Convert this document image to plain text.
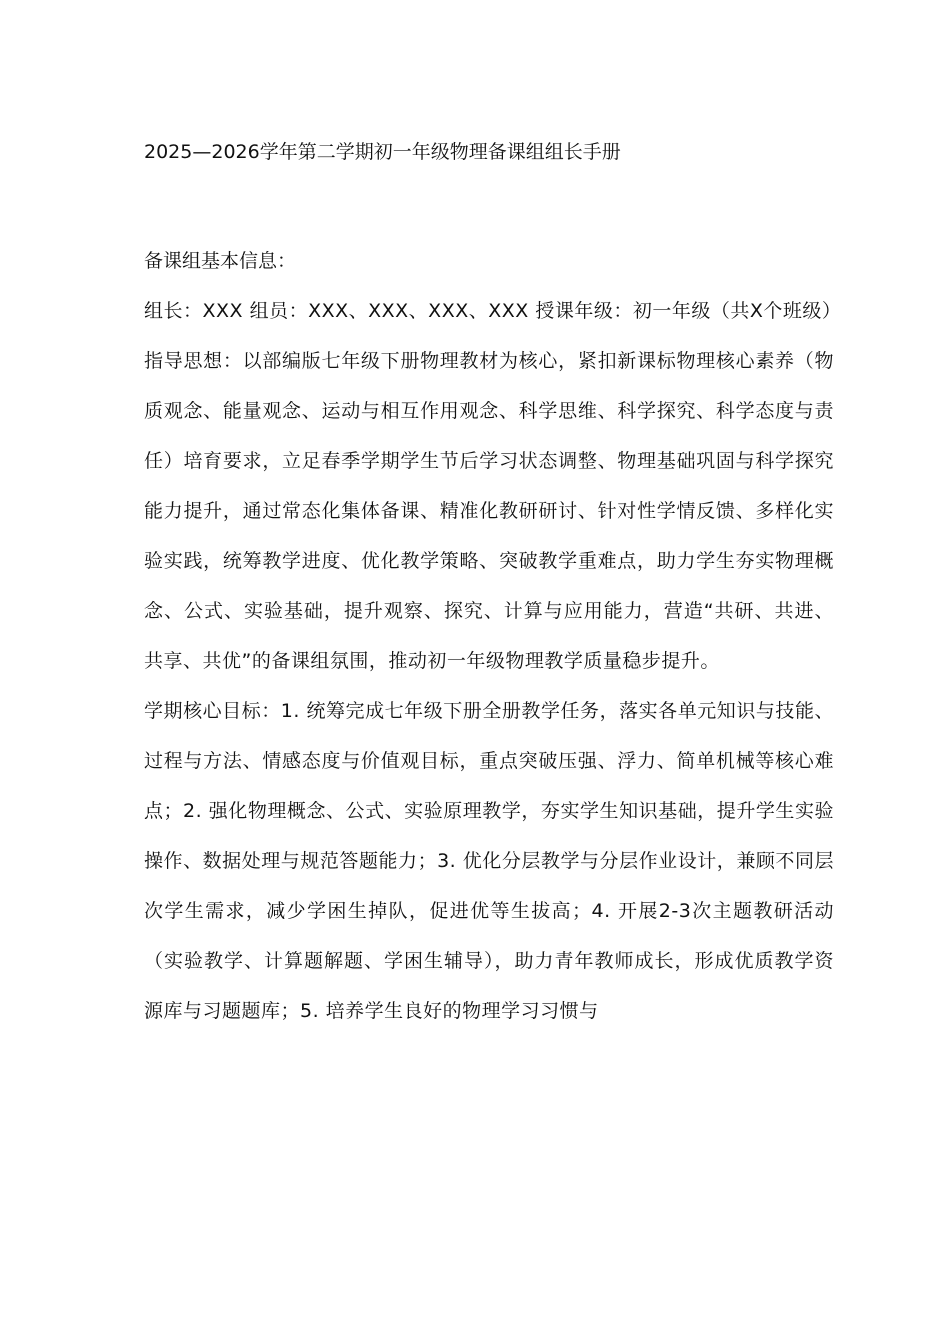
2025—2026学年第二学期初一年级物理备课组组长手册

备课组基本信息：

组长：XXX 组员：XXX、XXX、XXX、XXX 授课年级：初一年级（共X个班级）

指导思想：以部编版七年级下册物理教材为核心，紧扣新课标物理核心素养（物质观念、能量观念、运动与相互作用观念、科学思维、科学探究、科学态度与责任）培育要求，立足春季学期学生节后学习状态调整、物理基础巩固与科学探究能力提升，通过常态化集体备课、精准化教研研讨、针对性学情反馈、多样化实验实践，统筹教学进度、优化教学策略、突破教学重难点，助力学生夯实物理概念、公式、实验基础，提升观察、探究、计算与应用能力，营造“共研、共进、共享、共优”的备课组氛围，推动初一年级物理教学质量稳步提升。

学期核心目标：1. 统筹完成七年级下册全册教学任务，落实各单元知识与技能、过程与方法、情感态度与价值观目标，重点突破压强、浮力、简单机械等核心难点；2. 强化物理概念、公式、实验原理教学，夯实学生知识基础，提升学生实验操作、数据处理与规范答题能力；3. 优化分层教学与分层作业设计，兼顾不同层次学生需求，减少学困生掉队，促进优等生拔高；4. 开展2-3次主题教研活动（实验教学、计算题解题、学困生辅导），助力青年教师成长，形成优质教学资源库与习题题库；5. 培养学生良好的物理学习习惯与
